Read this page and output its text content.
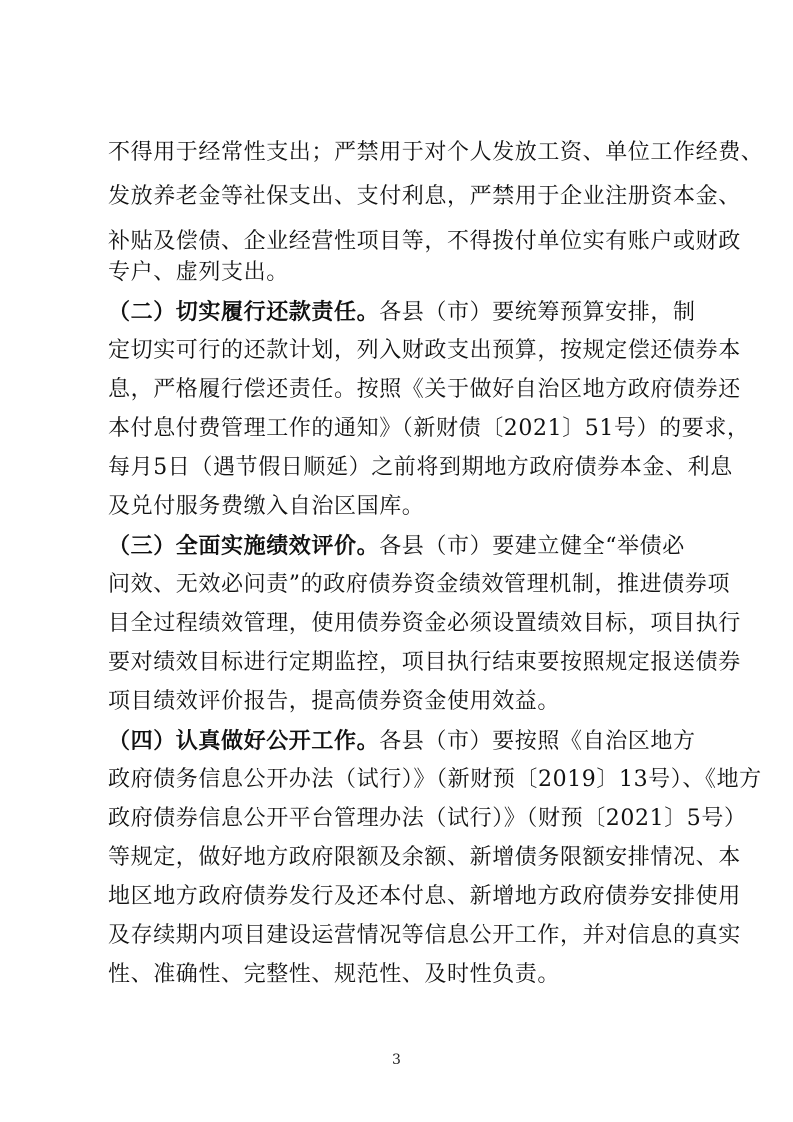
不得用于经常性支出；严禁用于对个人发放工资、单位工作经费、
发放养老金等社保支出、支付利息，严禁用于企业注册资本金、
补贴及偿债、企业经营性项目等，不得拨付单位实有账户或财政
专户、虚列支出。
（二）切实履行还款责任。各县（市）要统筹预算安排，制
定切实可行的还款计划，列入财政支出预算，按规定偿还债券本
息，严格履行偿还责任。按照《关于做好自治区地方政府债券还
本付息付费管理工作的通知》（新财债〔2021〕51号）的要求，
每月5日（遇节假日顺延）之前将到期地方政府债券本金、利息
及兑付服务费缴入自治区国库。
（三）全面实施绩效评价。各县（市）要建立健全“举债必
问效、无效必问责”的政府债券资金绩效管理机制，推进债券项
目全过程绩效管理，使用债券资金必须设置绩效目标，项目执行
要对绩效目标进行定期监控，项目执行结束要按照规定报送债券
项目绩效评价报告，提高债券资金使用效益。
（四）认真做好公开工作。各县（市）要按照《自治区地方
政府债务信息公开办法（试行）》（新财预〔2019〕13号）、《地方
政府债券信息公开平台管理办法（试行）》（财预〔2021〕5号）
等规定，做好地方政府限额及余额、新增债务限额安排情况、本
地区地方政府债券发行及还本付息、新增地方政府债券安排使用
及存续期内项目建设运营情况等信息公开工作，并对信息的真实
性、准确性、完整性、规范性、及时性负责。
3
